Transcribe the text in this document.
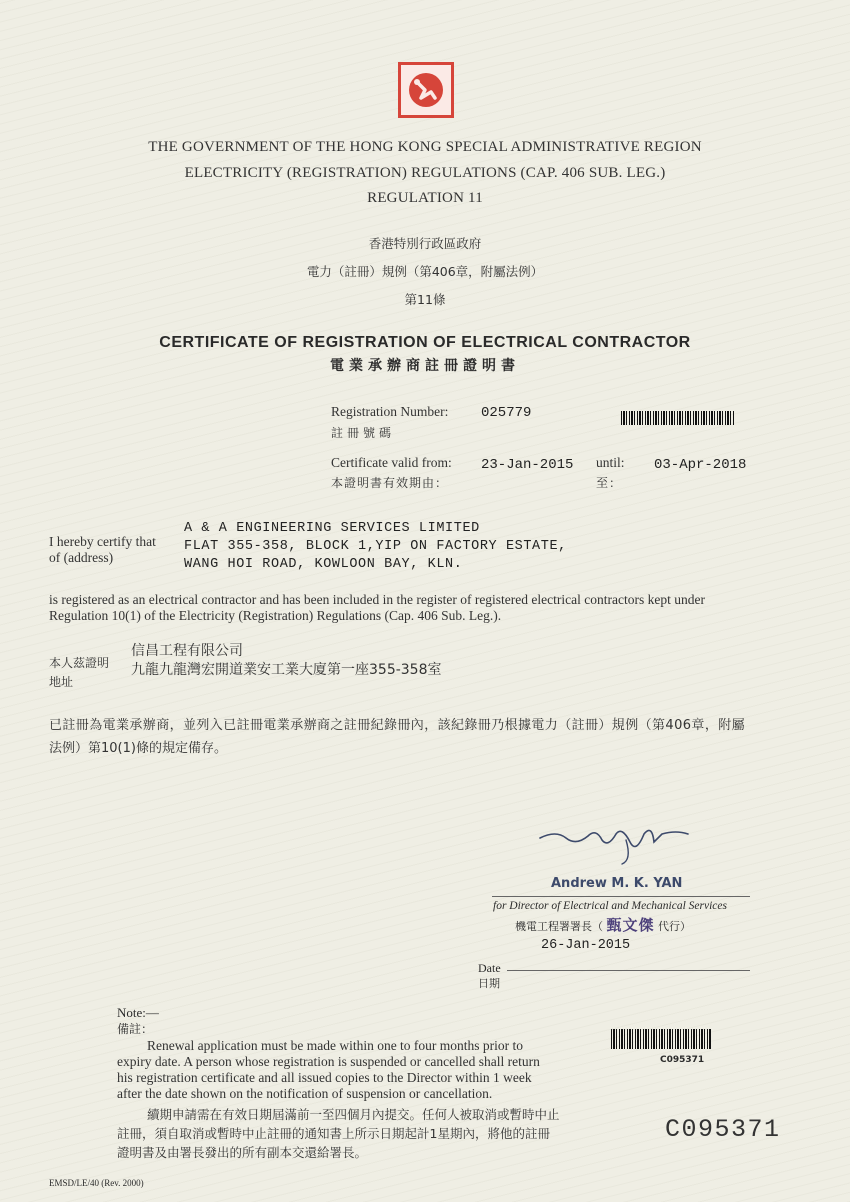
THE GOVERNMENT OF THE HONG KONG SPECIAL ADMINISTRATIVE REGION
ELECTRICITY (REGISTRATION) REGULATIONS (CAP. 406 SUB. LEG.)
REGULATION 11
香港特別行政區政府
電力（註冊）規例（第406章，附屬法例）
第11條
CERTIFICATE OF REGISTRATION OF ELECTRICAL CONTRACTOR
電業承辦商註冊證明書
Registration Number:
註冊號碼
025779
Certificate valid from:
本證明書有效期由：
23-Jan-2015 until:
至：
03-Apr-2018
I hereby certify that
of (address)
A & A ENGINEERING SERVICES LIMITED
FLAT 355-358, BLOCK 1,YIP ON FACTORY ESTATE,
WANG HOI ROAD, KOWLOON BAY, KLN.
is registered as an electrical contractor and has been included in the register of registered electrical contractors kept under
Regulation 10(1) of the Electricity (Registration) Regulations (Cap. 406 Sub. Leg.).
本人茲證明
地址
信昌工程有限公司
九龍九龍灣宏開道業安工業大廈第一座355-358室
已註冊為電業承辦商，並列入已註冊電業承辦商之註冊紀錄冊內，該紀錄冊乃根據電力（註冊）規例（第406章，附屬
法例）第10(1)條的規定備存。
Andrew M. K. YAN
for Director of Electrical and Mechanical Services
機電工程署署長（ 甄文傑 代行）
26-Jan-2015
Date
日期
Note:—
備註：
Renewal application must be made within one to four months prior to
expiry date. A person whose registration is suspended or cancelled shall return
his registration certificate and all issued copies to the Director within 1 week
after the date shown on the notification of suspension or cancellation.
續期申請需在有效日期屆滿前一至四個月內提交。任何人被取消或暫時中止
註冊，須自取消或暫時中止註冊的通知書上所示日期起計1星期內，將他的註冊
證明書及由署長發出的所有副本交還給署長。
C095371
C095371
EMSD/LE/40 (Rev. 2000)
